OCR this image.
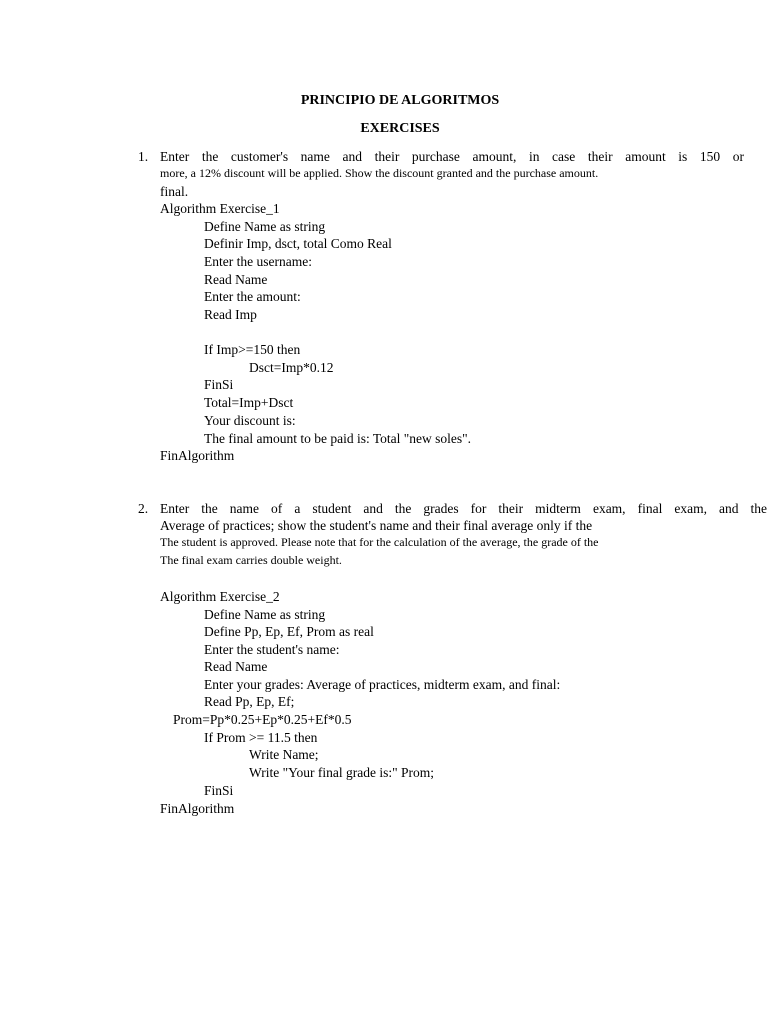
PRINCIPIO DE ALGORITMOS
EXERCISES
1. Enter the customer's name and their purchase amount, in case their amount is 150 or
more, a 12% discount will be applied. Show the discount granted and the purchase amount.
final.
Algorithm Exercise_1
Define Name as string
Definir Imp, dsct, total Como Real
Enter the username:
Read Name
Enter the amount:
Read Imp
If Imp>=150 then
Dsct=Imp*0.12
FinSi
Total=Imp+Dsct
Your discount is:
The final amount to be paid is: Total "new soles".
FinAlgorithm
2. Enter the name of a student and the grades for their midterm exam, final exam, and the
Average of practices; show the student's name and their final average only if the
The student is approved. Please note that for the calculation of the average, the grade of the
The final exam carries double weight.
Algorithm Exercise_2
Define Name as string
Define Pp, Ep, Ef, Prom as real
Enter the student's name:
Read Name
Enter your grades: Average of practices, midterm exam, and final:
Read Pp, Ep, Ef;
Prom=Pp*0.25+Ep*0.25+Ef*0.5
If Prom >= 11.5 then
Write Name;
Write "Your final grade is:" Prom;
FinSi
FinAlgorithm
